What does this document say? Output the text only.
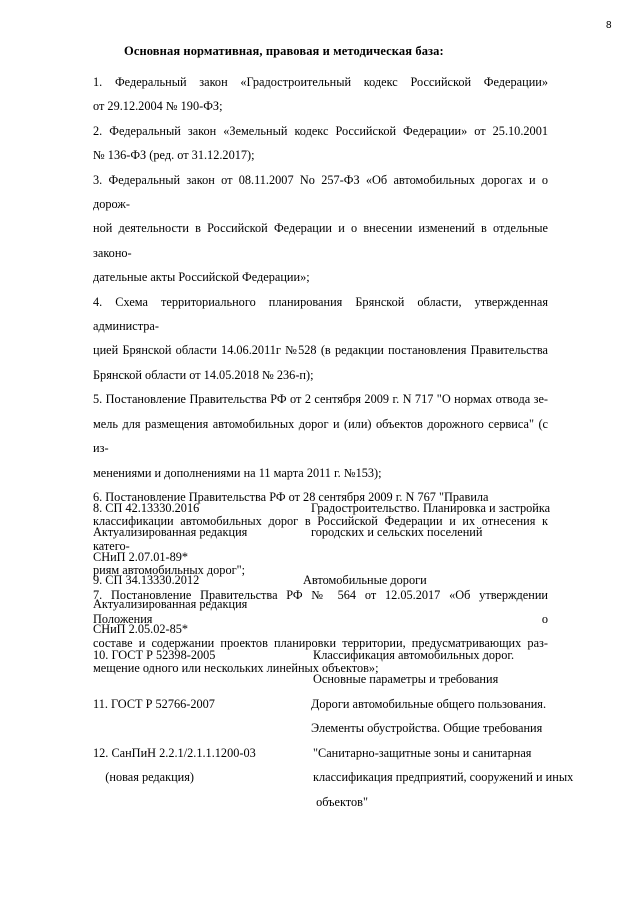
8
Основная нормативная, правовая и методическая база:
1. Федеральный закон «Градостроительный кодекс Российской Федерации»
от 29.12.2004 № 190-ФЗ;
2. Федеральный закон «Земельный кодекс Российской Федерации» от 25.10.2001
№ 136-ФЗ (ред. от 31.12.2017);
3. Федеральный закон от 08.11.2007 No 257-ФЗ «Об автомобильных дорогах и о дорож-
ной деятельности в Российской Федерации и о внесении изменений в отдельные законо-
дательные акты Российской Федерации»;
4. Схема территориального планирования Брянской области, утвержденная администра-
цией Брянской области 14.06.2011г №528 (в редакции постановления Правительства
Брянской области от 14.05.2018 № 236-п);
5. Постановление Правительства РФ от 2 сентября 2009 г. N 717 "О нормах отвода зе-
мель для размещения автомобильных дорог и (или) объектов дорожного сервиса" (с из-
менениями и дополнениями на 11 марта 2011 г. №153);
6. Постановление Правительства РФ от 28 сентября 2009 г. N 767 "Правила
классификации автомобильных дорог в Российской Федерации и их отнесения к катего-
риям автомобильных дорог";
7. Постановление Правительства РФ № 564 от 12.05.2017 «Об утверждении Положения о
составе и содержании проектов планировки территории, предусматривающих раз-
мещение одного или нескольких линейных объектов»;
8. СП 42.13330.2016
Актуализированная редакция
СНиП 2.07.01-89*
Градостроительство. Планировка и застройка
городских и сельских поселений
9. СП 34.13330.2012
Актуализированная редакция
СНиП 2.05.02-85*
Автомобильные дороги
10. ГОСТ Р 52398-2005	Классификация автомобильных дорог.
Основные параметры и требования
11. ГОСТ Р 52766-2007	Дороги автомобильные общего пользования.
Элементы обустройства. Общие требования
12. СанПиН 2.2.1/2.1.1.1200-03
(новая редакция)
"Санитарно-защитные зоны и санитарная
классификация предприятий, сооружений и иных
объектов"
